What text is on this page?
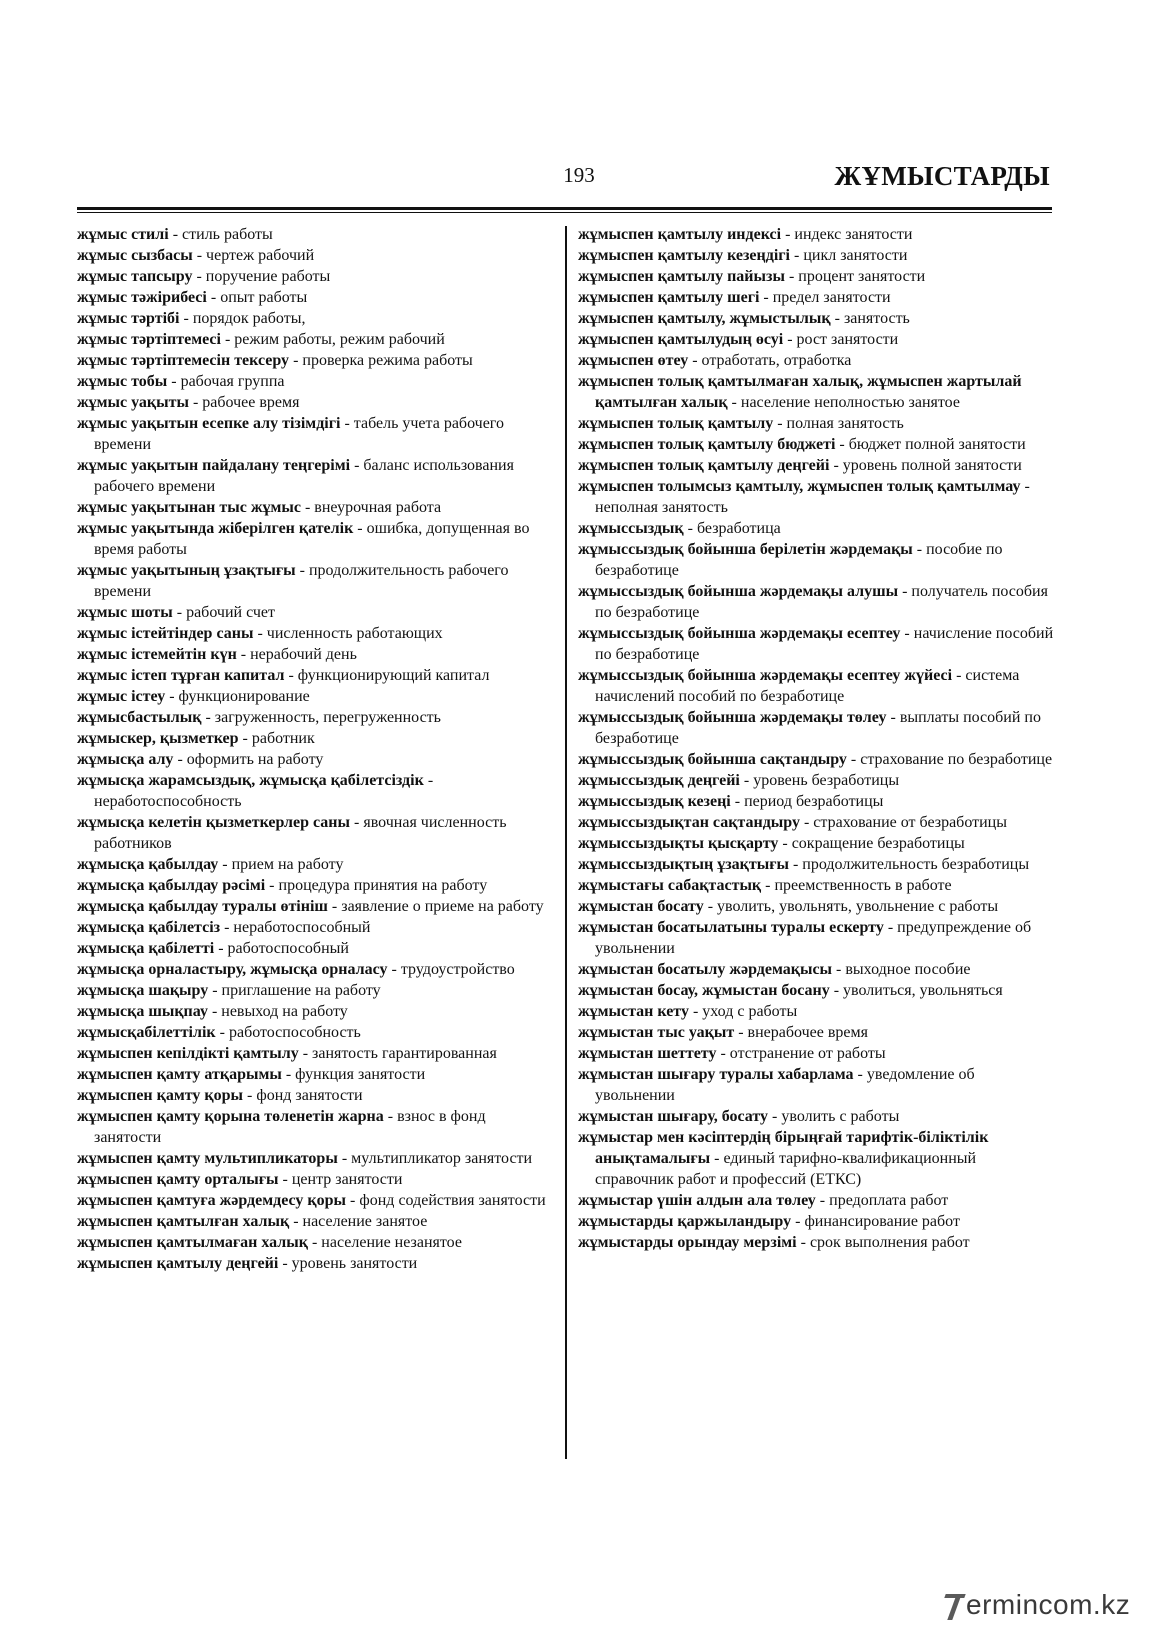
193	ЖҰМЫСТАРДЫ
жұмыс стилі - стиль работы
жұмыс сызбасы - чертеж рабочий
жұмыс тапсыру - поручение работы
жұмыс тәжірибесі - опыт работы
жұмыс тәртібі - порядок работы,
жұмыс тәртіптемесі - режим работы, режим рабочий
жұмыс тәртіптемесін тексеру - проверка режима работы
жұмыс тобы - рабочая группа
жұмыс уақыты - рабочее время
жұмыс уақытын есепке алу тізімдігі - табель учета рабочего времени
жұмыс уақытын пайдалану теңгерімі - баланс использования рабочего времени
жұмыс уақытынан тыс жұмыс - внеурочная работа
жұмыс уақытында жіберілген қателік - ошибка, допущенная во время работы
жұмыс уақытының ұзақтығы - продолжительность рабочего времени
жұмыс шоты - рабочий счет
жұмыс істейтіндер саны - численность работающих
жұмыс істемейтін күн - нерабочий день
жұмыс істеп тұрған капитал - функционирующий капитал
жұмыс істеу - функционирование
жұмысбастылық - загруженность, перегруженность
жұмыскер, қызметкер - работник
жұмысқа алу - оформить на работу
жұмысқа жарамсыздық, жұмысқа қабілетсіздік - неработоспособность
жұмысқа келетін қызметкерлер саны - явочная численность работников
жұмысқа қабылдау - прием на работу
жұмысқа қабылдау рәсімі - процедура принятия на работу
жұмысқа қабылдау туралы өтініш - заявление о приеме на работу
жұмысқа қабілетсіз - неработоспособный
жұмысқа қабілетті - работоспособный
жұмысқа орналастыру, жұмысқа орналасу - трудоустройство
жұмысқа шақыру - приглашение на работу
жұмысқа шықпау - невыход на работу
жұмысқабілеттілік - работоспособность
жұмыспен кепілдікті қамтылу - занятость гарантированная
жұмыспен қамту атқарымы - функция занятости
жұмыспен қамту қоры - фонд занятости
жұмыспен қамту қорына төленетін жарна - взнос в фонд занятости
жұмыспен қамту мультипликаторы - мультипликатор занятости
жұмыспен қамту орталығы - центр занятости
жұмыспен қамтуға жәрдемдесу қоры - фонд содействия занятости
жұмыспен қамтылған халық - население занятое
жұмыспен қамтылмаған халық - население незанятое
жұмыспен қамтылу деңгейі - уровень занятости
жұмыспен қамтылу индексі - индекс занятости
жұмыспен қамтылу кезеңдігі - цикл занятости
жұмыспен қамтылу пайызы - процент занятости
жұмыспен қамтылу шегі - предел занятости
жұмыспен қамтылу, жұмыстылық - занятость
жұмыспен қамтылудың өсуі - рост занятости
жұмыспен өтеу - отработать, отработка
жұмыспен толық қамтылмаған халық, жұмыспен жартылай қамтылған халық - население неполностью занятое
жұмыспен толық қамтылу - полная занятость
жұмыспен толық қамтылу бюджеті - бюджет полной занятости
жұмыспен толық қамтылу деңгейі - уровень полной занятости
жұмыспен толымсыз қамтылу, жұмыспен толық қамтылмау - неполная занятость
жұмыссыздық - безработица
жұмыссыздық бойынша берілетін жәрдемақы - пособие по безработице
жұмыссыздық бойынша жәрдемақы алушы - получатель пособия по безработице
жұмыссыздық бойынша жәрдемақы есептеу - начисление пособий по безработице
жұмыссыздық бойынша жәрдемақы есептеу жүйесі - система начислений пособий по безработице
жұмыссыздық бойынша жәрдемақы төлеу - выплаты пособий по безработице
жұмыссыздық бойынша сақтандыру - страхование по безработице
жұмыссыздық деңгейі - уровень безработицы
жұмыссыздық кезеңі - период безработицы
жұмыссыздықтан сақтандыру - страхование от безработицы
жұмыссыздықты қысқарту - сокращение безработицы
жұмыссыздықтың ұзақтығы - продолжительность безработицы
жұмыстағы сабақтастық - преемственность в работе
жұмыстан босату - уволить, увольнять, увольнение с работы
жұмыстан босатылатыны туралы ескерту - предупреждение об увольнении
жұмыстан босатылу жәрдемақысы - выходное пособие
жұмыстан босау, жұмыстан босану - уволиться, увольняться
жұмыстан кету - уход с работы
жұмыстан тыс уақыт - внерабочее время
жұмыстан шеттету - отстранение от работы
жұмыстан шығару туралы хабарлама - уведомление об увольнении
жұмыстан шығару, босату - уволить с работы
жұмыстар мен кәсіптердің бірыңғай тарифтік-біліктілік анықтамалығы - единый тарифно-квалификационный справочник работ и профессий (ЕТКС)
жұмыстар үшін алдын ала төлеу - предоплата работ
жұмыстарды қаржыландыру - финансирование работ
жұмыстарды орындау мерзімі - срок выполнения работ
ermincom.kz
